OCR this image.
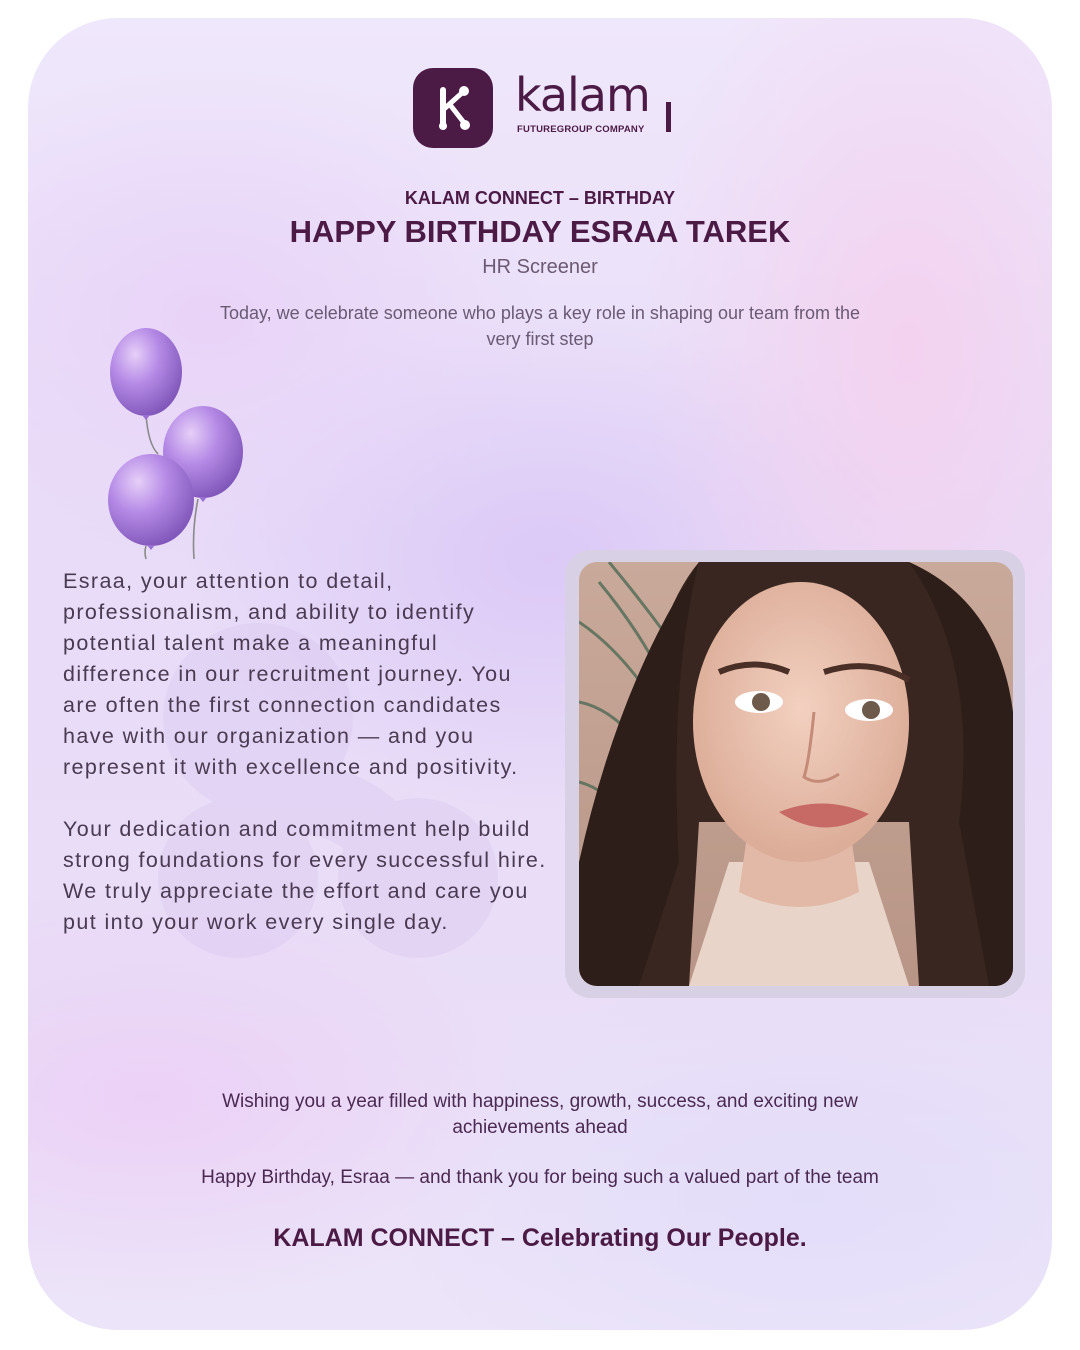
kalam
FUTUREGROUP COMPANY
KALAM CONNECT – BIRTHDAY
HAPPY BIRTHDAY ESRAA TAREK
HR Screener
Today, we celebrate someone who plays a key role in shaping our team from the very first step

Esraa, your attention to detail, professionalism, and ability to identify potential talent make a meaningful difference in our recruitment journey. You are often the first connection candidates have with our organization — and you represent it with excellence and positivity.

Your dedication and commitment help build strong foundations for every successful hire. We truly appreciate the effort and care you put into your work every single day.

Wishing you a year filled with happiness, growth, success, and exciting new achievements ahead
Happy Birthday, Esraa — and thank you for being such a valued part of the team
KALAM CONNECT – Celebrating Our People.
